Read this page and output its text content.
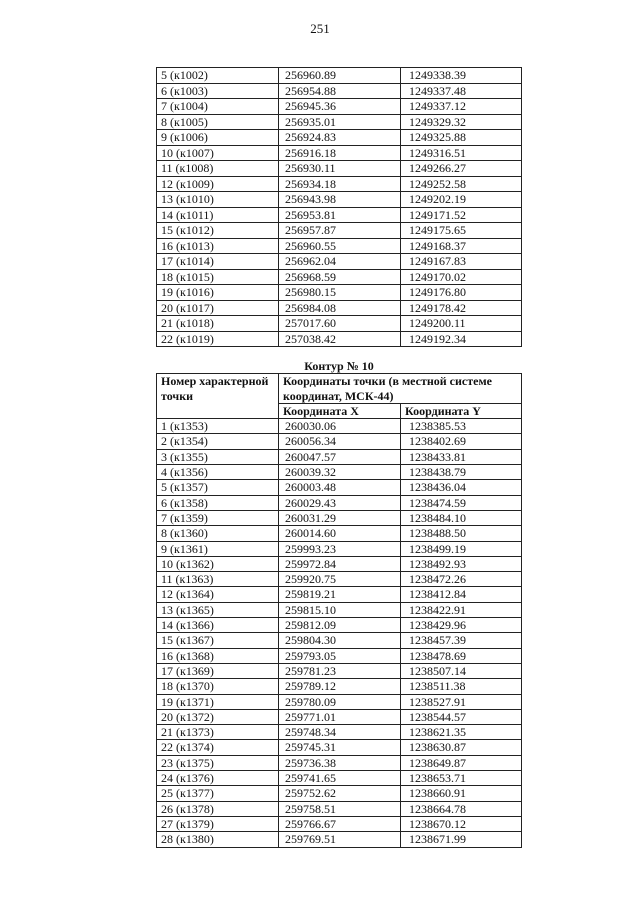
251
5 (к1002)	256960.89	1249338.39
6 (к1003)	256954.88	1249337.48
7 (к1004)	256945.36	1249337.12
8 (к1005)	256935.01	1249329.32
9 (к1006)	256924.83	1249325.88
10 (к1007)	256916.18	1249316.51
11 (к1008)	256930.11	1249266.27
12 (к1009)	256934.18	1249252.58
13 (к1010)	256943.98	1249202.19
14 (к1011)	256953.81	1249171.52
15 (к1012)	256957.87	1249175.65
16 (к1013)	256960.55	1249168.37
17 (к1014)	256962.04	1249167.83
18 (к1015)	256968.59	1249170.02
19 (к1016)	256980.15	1249176.80
20 (к1017)	256984.08	1249178.42
21 (к1018)	257017.60	1249200.11
22 (к1019)	257038.42	1249192.34
Контур № 10		
Номер характерной точки	Координаты точки (в местной системе координат, МСК-44)	
	Координата X	Координата Y
1 (к1353)	260030.06	1238385.53
2 (к1354)	260056.34	1238402.69
3 (к1355)	260047.57	1238433.81
4 (к1356)	260039.32	1238438.79
5 (к1357)	260003.48	1238436.04
6 (к1358)	260029.43	1238474.59
7 (к1359)	260031.29	1238484.10
8 (к1360)	260014.60	1238488.50
9 (к1361)	259993.23	1238499.19
10 (к1362)	259972.84	1238492.93
11 (к1363)	259920.75	1238472.26
12 (к1364)	259819.21	1238412.84
13 (к1365)	259815.10	1238422.91
14 (к1366)	259812.09	1238429.96
15 (к1367)	259804.30	1238457.39
16 (к1368)	259793.05	1238478.69
17 (к1369)	259781.23	1238507.14
18 (к1370)	259789.12	1238511.38
19 (к1371)	259780.09	1238527.91
20 (к1372)	259771.01	1238544.57
21 (к1373)	259748.34	1238621.35
22 (к1374)	259745.31	1238630.87
23 (к1375)	259736.38	1238649.87
24 (к1376)	259741.65	1238653.71
25 (к1377)	259752.62	1238660.91
26 (к1378)	259758.51	1238664.78
27 (к1379)	259766.67	1238670.12
28 (к1380)	259769.51	1238671.99
